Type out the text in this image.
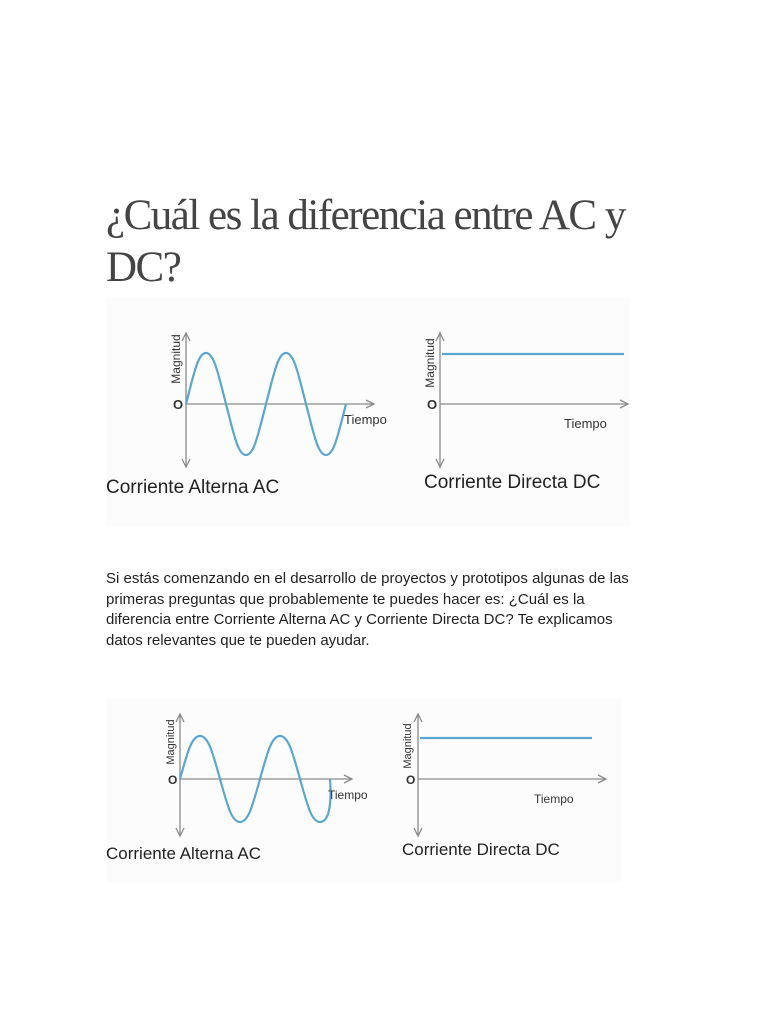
¿Cuál es la diferencia entre AC y DC?
Magnitud
O
Tiempo
Corriente Alterna AC
Magnitud
O
Tiempo
Corriente Directa DC

Si estás comenzando en el desarrollo de proyectos y prototipos algunas de las primeras preguntas que probablemente te puedes hacer es: ¿Cuál es la diferencia entre Corriente Alterna AC y Corriente Directa DC? Te explicamos datos relevantes que te pueden ayudar.

Magnitud
O
Tiempo
Corriente Alterna AC
Magnitud
O
Tiempo
Corriente Directa DC
